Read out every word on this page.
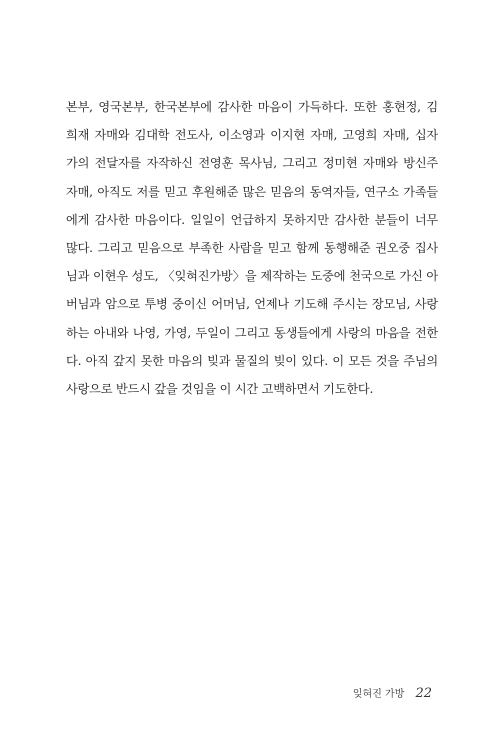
본부, 영국본부, 한국본부에 감사한 마음이 가득하다. 또한 홍현정, 김
희재 자매와 김대학 전도사, 이소영과 이지현 자매, 고영희 자매, 십자
가의 전달자를 자작하신 전영훈 목사님, 그리고 정미현 자매와 방신주
자매, 아직도 저를 믿고 후원해준 많은 믿음의 동역자들, 연구소 가족들
에게 감사한 마음이다. 일일이 언급하지 못하지만 감사한 분들이 너무
많다. 그리고 믿음으로 부족한 사람을 믿고 함께 동행해준 권오중 집사
님과 이현우 성도, 〈잊혀진가방〉을 제작하는 도중에 천국으로 가신 아
버님과 암으로 투병 중이신 어머님, 언제나 기도해 주시는 장모님, 사랑
하는 아내와 나영, 가영, 두일이 그리고 동생들에게 사랑의 마음을 전한
다. 아직 갚지 못한 마음의 빚과 물질의 빚이 있다. 이 모든 것을 주님의
사랑으로 반드시 갚을 것임을 이 시간 고백하면서 기도한다.
잊혀진 가방 22
